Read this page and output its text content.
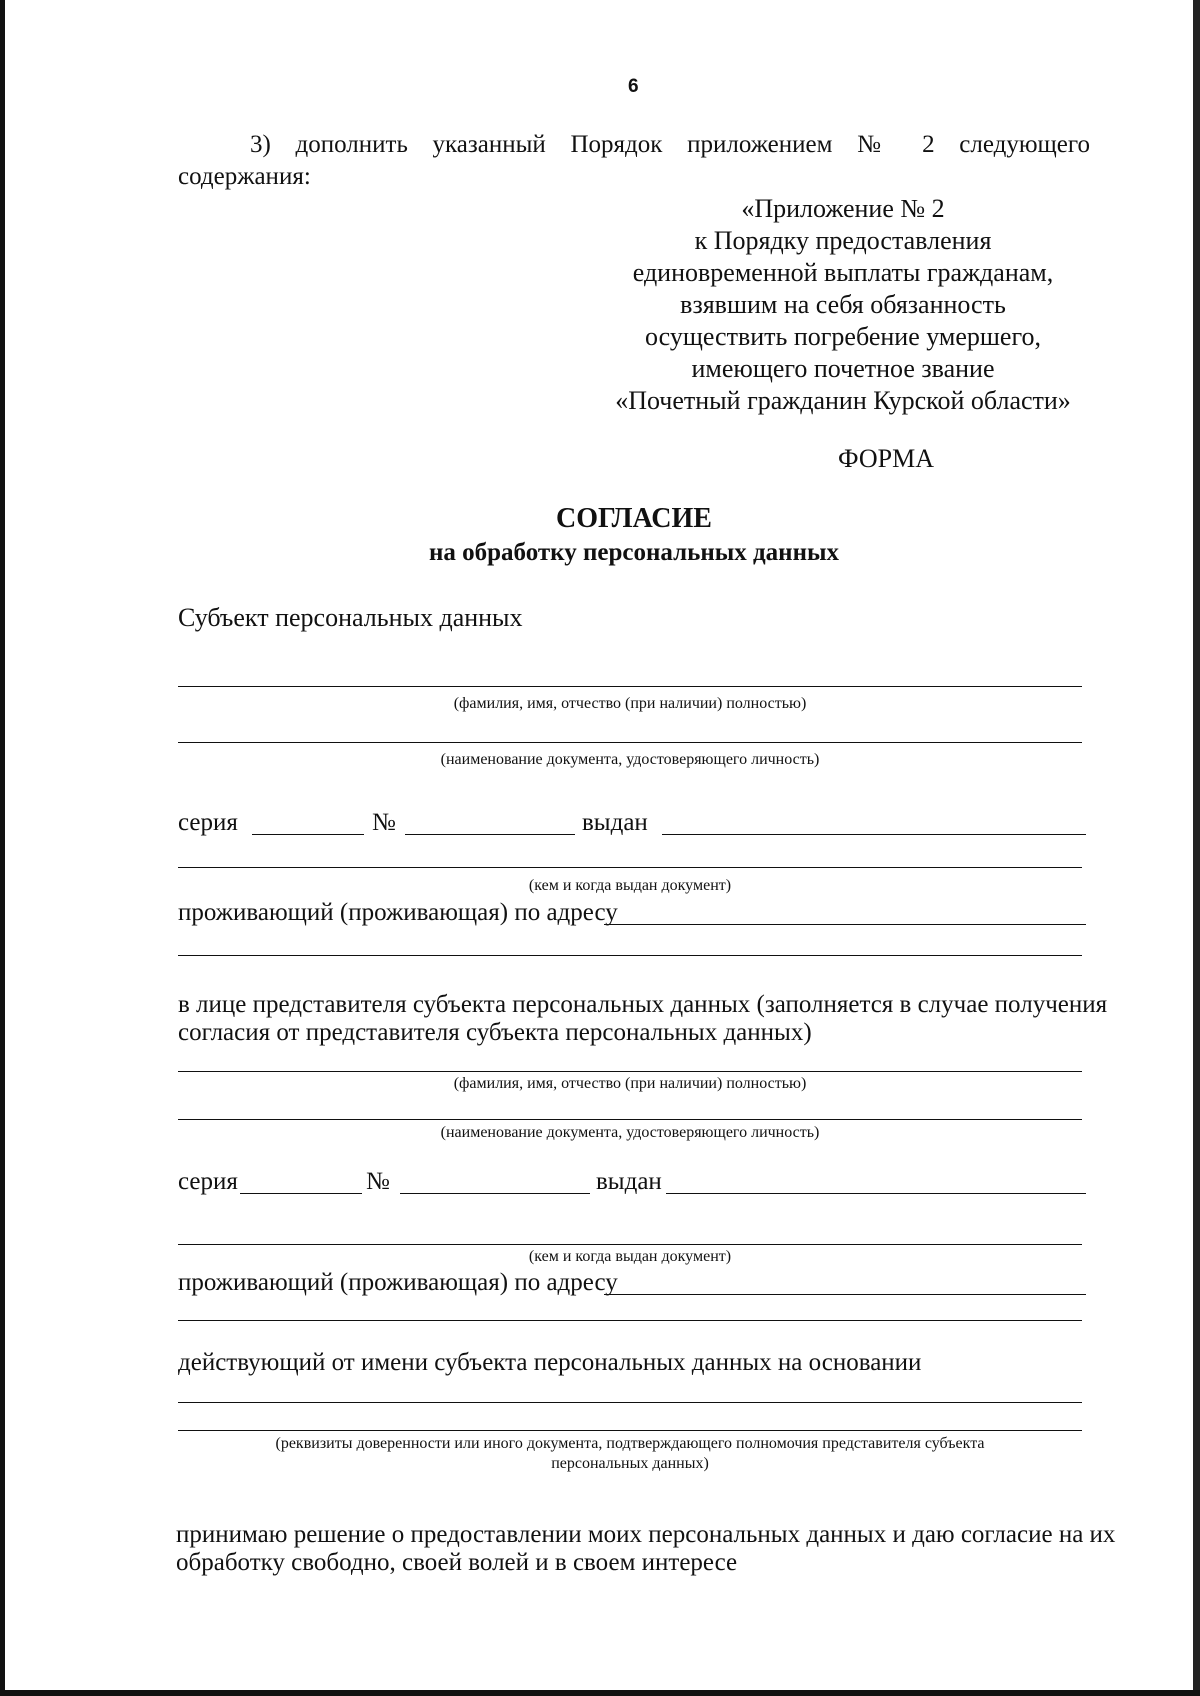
6
3) дополнить указанный Порядок приложением № 2 следующего
содержания:
«Приложение № 2
к Порядку предоставления
единовременной выплаты гражданам,
взявшим на себя обязанность
осуществить погребение умершего,
имеющего почетное звание
«Почетный гражданин Курской области»
ФОРМА
СОГЛАСИЕ
на обработку персональных данных
Субъект персональных данных
(фамилия, имя, отчество (при наличии) полностью)
(наименование документа, удостоверяющего личность)
серия	№	выдан
(кем и когда выдан документ)
проживающий (проживающая) по адресу
в лице представителя субъекта персональных данных (заполняется в случае получения
согласия от представителя субъекта персональных данных)
(фамилия, имя, отчество (при наличии) полностью)
(наименование документа, удостоверяющего личность)
серия	№	выдан
(кем и когда выдан документ)
проживающий (проживающая) по адресу
действующий от имени субъекта персональных данных на основании
(реквизиты доверенности или иного документа, подтверждающего полномочия представителя субъекта
персональных данных)
принимаю решение о предоставлении моих персональных данных и даю согласие на их
обработку свободно, своей волей и в своем интересе
